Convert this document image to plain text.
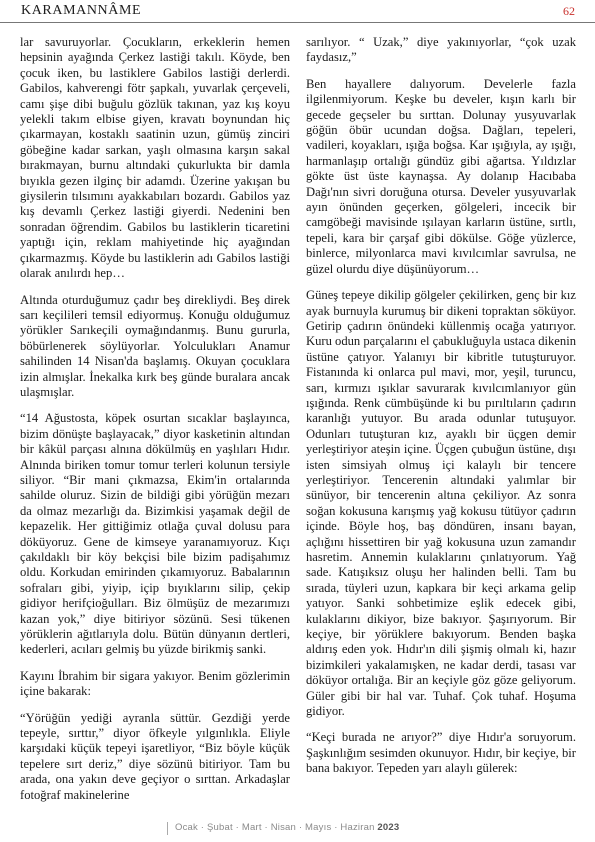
KARAMANNÂME	62

lar savuruyorlar. Çocukların, erkeklerin hemen hepsinin ayağında Çerkez lastiği takılı. Köyde, ben çocuk iken, bu lastiklere Gabilos lastiği derlerdi. Gabilos, kahverengi fötr şapkalı, yuvarlak çerçeveli, camı şişe dibi buğulu gözlük takınan, yaz kış koyu yelekli takım elbise giyen, kravatı boynundan hiç çıkarmayan, kostaklı saatinin uzun, gümüş zinciri göbeğine kadar sarkan, yaşlı olmasına karşın sakal bırakmayan, burnu altındaki çukurlukta bir damla bıyıkla gezen ilginç bir adamdı. Üzerine yakışan bu giysilerin tılsımını ayakkabıları bozardı. Gabilos yaz kış devamlı Çerkez lastiği giyerdi. Nedenini ben sonradan öğrendim. Gabilos bu lastiklerin ticaretini yaptığı için, reklam mahiyetinde hiç ayağından çıkarmazmış. Köyde bu lastiklerin adı Gabilos lastiği olarak anılırdı hep…

Altında oturduğumuz çadır beş direkliydi. Beş direk sarı keçilileri temsil ediyormuş. Konuğu olduğumuz yörükler Sarıkeçili oymağındanmış. Bunu gururla, böbürlenerek söylüyorlar. Yolculukları Anamur sahilinden 14 Nisan'da başlamış. Okuyan çocuklara izin almışlar. İnekalka kırk beş günde buralara ancak ulaşmışlar.

“14 Ağustosta, köpek osurtan sıcaklar başlayınca, bizim dönüşte başlayacak,” diyor kasketinin altından bir kâkül parçası alnına dökülmüş en yaşlıları Hıdır. Alnında biriken tomur tomur terleri kolunun tersiyle siliyor. “Bir mani çıkmazsa, Ekim'in ortalarında sahilde oluruz. Sizin de bildiği gibi yörüğün mezarı da olmaz mezarlığı da. Bizimkisi yaşamak değil de kepazelik. Her gittiğimiz otlağa çuval dolusu para döküyoruz. Gene de kimseye yaranamıyoruz. Kıçı çakıldaklı bir köy bekçisi bile bizim padişahımız oldu. Korkudan emirinden çıkamıyoruz. Babalarının sofraları gibi, yiyip, içip bıyıklarını silip, çekip gidiyor herifçioğulları. Biz ölmüşüz de mezarımızı kazan yok,” diye bitiriyor sözünü. Sesi tükenen yörüklerin ağıtlarıyla dolu. Bütün dünyanın dertleri, kederleri, acıları gelmiş bu yüzde birikmiş sanki.

Kayını İbrahim bir sigara yakıyor. Benim gözlerimin içine bakarak:

“Yörüğün yediği ayranla süttür. Gezdiği yerde tepeyle, sırttır,” diyor öfkeyle yılgınlıkla. Eliyle karşıdaki küçük tepeyi işaretliyor, “Biz böyle küçük tepelere sırt deriz,” diye sözünü bitiriyor. Tam bu arada, ona yakın deve geçiyor o sırttan. Arkadaşlar fotoğraf makinelerine

sarılıyor. “ Uzak,” diye yakınıyorlar, “çok uzak faydasız,”

Ben hayallere dalıyorum. Develerle fazla ilgilenmiyorum. Keşke bu develer, kışın karlı bir gecede geçseler bu sırttan. Dolunay yusyuvarlak göğün öbür ucundan doğsa. Dağları, tepeleri, vadileri, koyakları, ışığa boğsa. Kar ışığıyla, ay ışığı, harmanlaşıp ortalığı gündüz gibi ağartsa. Yıldızlar gökte üst üste kaynaşsa. Ay dolanıp Hacıbaba Dağı'nın sivri doruğuna otursa. Develer yusyuvarlak ayın önünden geçerken, gölgeleri, incecik bir camgöbeği mavisinde ışılayan karların üstüne, sırtlı, tepeli, kara bir çarşaf gibi dökülse. Göğe yüzlerce, binlerce, milyonlarca mavi kıvılcımlar savrulsa, ne güzel olurdu diye düşünüyorum…

Güneş tepeye dikilip gölgeler çekilirken, genç bir kız ayak burnuyla kurumuş bir dikeni topraktan söküyor. Getirip çadırın önündeki küllenmiş ocağa yatırıyor. Kuru odun parçalarını el çabukluğuyla ustaca dikenin üstüne çatıyor. Yalanıyı bir kibritle tutuşturuyor. Fistanında ki onlarca pul mavi, mor, yeşil, turuncu, sarı, kırmızı ışıklar savurarak kıvılcımlanıyor gün ışığında. Renk cümbüşünde ki bu pırıltıların çadırın karanlığı yutuyor. Bu arada odunlar tutuşuyor. Odunları tutuşturan kız, ayaklı bir üçgen demir yerleştiriyor ateşin içine. Üçgen çubuğun üstüne, dışı isten simsiyah olmuş içi kalaylı bir tencere yerleştiriyor. Tencerenin altındaki yalımlar bir sünüyor, bir tencerenin altına çekiliyor. Az sonra soğan kokusuna karışmış yağ kokusu tütüyor çadırın içinde. Böyle hoş, baş döndüren, insanı bayan, açlığını hissettiren bir yağ kokusuna uzun zamandır hasretim. Annemin kulaklarını çınlatıyorum. Yağ sade. Katışıksız oluşu her halinden belli. Tam bu sırada, tüyleri uzun, kapkara bir keçi arkama gelip yatıyor. Sanki sohbetimize eşlik edecek gibi, kulaklarını dikiyor, bize bakıyor. Şaşırıyorum. Bir keçiye, bir yörüklere bakıyorum. Benden başka aldırış eden yok. Hıdır'ın dili şişmiş olmalı ki, hazır bizimkileri yakalamışken, ne kadar derdi, tasası var döküyor ortalığa. Bir an keçiyle göz göze geliyorum. Güler gibi bir hal var. Tuhaf. Çok tuhaf. Hoşuma gidiyor.

“Keçi burada ne arıyor?” diye Hıdır'a soruyorum. Şaşkınlığım sesimden okunuyor. Hıdır, bir keçiye, bir bana bakıyor. Tepeden yarı alaylı gülerek:

Ocak · Şubat · Mart · Nisan · Mayıs · Haziran 2023
